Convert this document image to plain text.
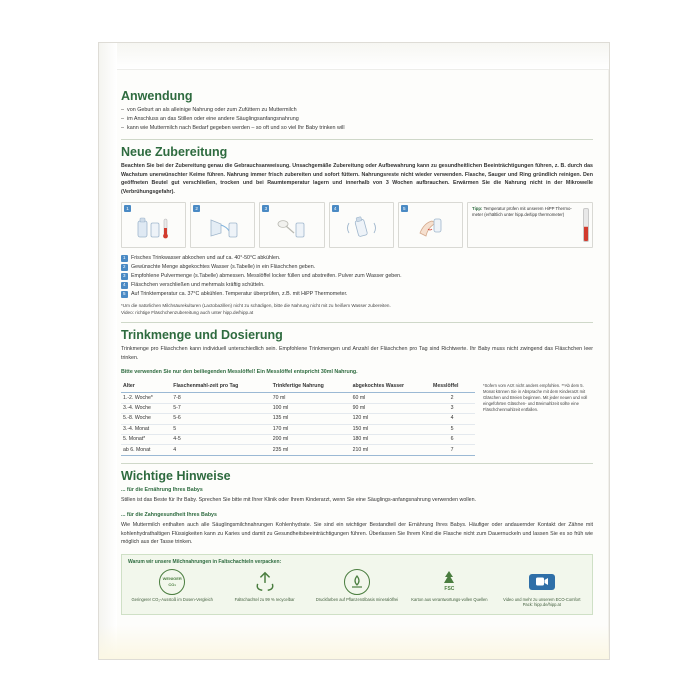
Anwendung
– von Geburt an als alleinige Nahrung oder zum Zufüttern zu Muttermilch
– im Anschluss an das Stillen oder eine andere Säuglingsanfangsnahrung
– kann wie Muttermilch nach Bedarf gegeben werden – so oft und so viel Ihr Baby trinken will
Neue Zubereitung
Beachten Sie bei der Zubereitung genau die Gebrauchsanweisung. Unsachgemäße Zubereitung oder Aufbewahrung kann zu gesundheitlichen Beeinträchtigungen führen, z. B. durch das Wachstum unerwünschter Keime führen. Nahrung immer frisch zubereiten und sofort füttern. Nahrungsreste nicht wieder verwenden. Flasche, Sauger und Ring gründlich reinigen. Den geöffneten Beutel gut verschließen, trocken und bei Raumtemperatur lagern und innerhalb von 3 Wochen aufbrauchen. Erwärmen Sie die Nahrung nicht in der Mikrowelle (Verbrühungsgefahr).
1	2	3	4	5	Tipp: Temperatur prüfen mit unserem HiPP Thermo-meter (erhältlich unter hipp.de/tipp thermometer)
1	Frisches Trinkwasser abkochen und auf ca. 40°-50°C abkühlen.
2	Gewünschte Menge abgekochtes Wasser (s.Tabelle) in ein Fläschchen geben.
3	Empfohlene Pulvermenge (s.Tabelle) abmessen. Messlöffel locker füllen und abstreifen. Pulver zum Wasser geben.
4	Fläschchen verschließen und mehrmals kräftig schütteln.
5	Auf Trinktemperatur ca. 37°C abkühlen. Temperatur überprüfen, z.B. mit HiPP Thermometer.
*Um die natürlichen Milchsäurekulturen (Lactobazillen) nicht zu schädigen, bitte die Nahrung nicht mit zu heißem Wasser zubereiten.
Video: richtige Fläschchenzubereitung auch unter hipp.de/hipp.at
Trinkmenge und Dosierung
Trinkmenge pro Fläschchen kann individuell unterschiedlich sein. Empfohlene Trinkmengen und Anzahl der Fläschchen pro Tag sind Richtwerte. Ihr Baby muss nicht zwingend das Fläschchen leer trinken.
Bitte verwenden Sie nur den beiliegenden Messlöffel! Ein Messlöffel entspricht 30ml Nahrung.
Alter	Flaschenmahl-zeit pro Tag	Trinkfertige Nahrung	abgekochtes Wasser	Messlöffel
1.-2. Woche*	7-8	70 ml	60 ml	2
3.-4. Woche	5-7	100 ml	90 ml	3
5.-8. Woche	5-6	135 ml	120 ml	4
3.-4. Monat	5	170 ml	150 ml	5
5. Monat*	4-5	200 ml	180 ml	6
ab 6. Monat	4	235 ml	210 ml	7
*Sofern vom Arzt nicht anders empfohlen. **Ab dem 5. Monat können Sie in Absprache mit dem Kinderarzt mit Gläschen und Breien beginnen. Mit jeder neuen und voll eingeführten Gläschen- und Breimahlzeit sollte eine Fläschchenmahlzeit entfallen.
Wichtige Hinweise
... für die Ernährung Ihres Babys
Stillen ist das Beste für Ihr Baby. Sprechen Sie bitte mit Ihrer Klinik oder Ihrem Kinderarzt, wenn Sie eine Säuglings-anfangsnahrung verwenden wollen.
... für die Zahngesundheit Ihres Babys
Wie Muttermilch enthalten auch alle Säuglingsmilchnahrungen Kohlenhydrate. Sie sind ein wichtiger Bestandteil der Ernährung Ihres Babys. Häufiger oder andauernder Kontakt der Zähne mit kohlenhydrathaltigen Flüssigkeiten kann zu Karies und damit zu Gesundheitsbeeinträchtigungen führen. Überlassen Sie Ihrem Kind die Flasche nicht zum Dauernuckeln und lassen Sie es so früh wie möglich aus der Tasse trinken.
Warum wir unsere Milchnahrungen in Faltschachteln verpacken:
WENIGER CO₂
Geringerer CO₂-Ausstoß im Dosen-Vergleich	Faltschachtel zu 99 % recycelbar	Druckfarben auf Pflanzenölbasis mineralölfrei
FSC
Karton aus verantwortungs-vollen Quellen	Video und mehr zu unserem ECO-Comfort Pack: hipp.de/hipp.at
